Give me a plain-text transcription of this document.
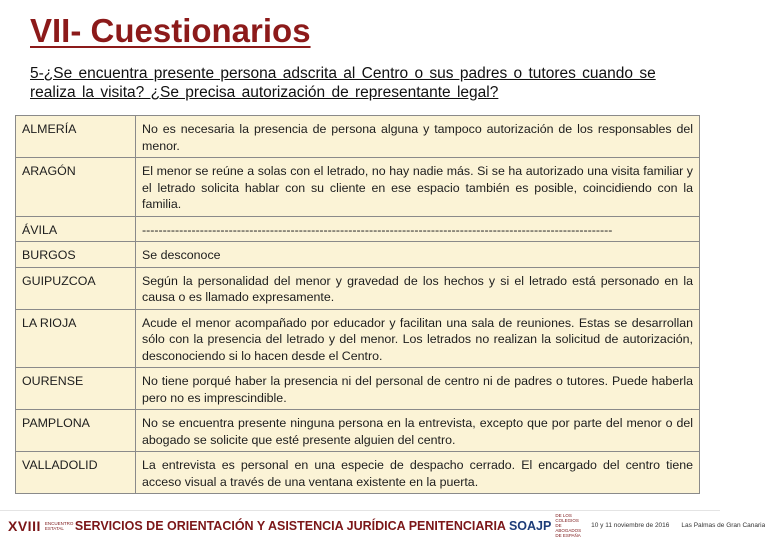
VII- Cuestionarios
5-¿Se encuentra presente persona adscrita al Centro o sus padres o tutores cuando se realiza la visita? ¿Se precisa autorización de representante legal?
ALMERÍA	No es necesaria la presencia de persona alguna y tampoco autorización de los responsables del menor.
ARAGÓN	El menor se reúne a solas con el letrado, no hay nadie más. Si se ha autorizado una visita familiar y el letrado solicita hablar con su cliente en ese espacio también es posible, coincidiendo con la familia.
ÁVILA	------------------------------------------------------------------------------------------------------------------
BURGOS	Se desconoce
GUIPUZCOA	Según la personalidad del menor y gravedad de los hechos y si el letrado está personado en la causa o es llamado expresamente.
LA RIOJA	Acude el menor acompañado por educador y facilitan una sala de reuniones. Estas se desarrollan sólo con la presencia del letrado y del menor. Los letrados no realizan la solicitud de autorización, desconociendo si lo hacen desde el Centro.
OURENSE	No tiene porqué haber la presencia ni del personal de centro ni de padres o tutores. Puede haberla pero no es imprescindible.
PAMPLONA	No se encuentra presente ninguna persona en la entrevista, excepto que por parte del menor o del abogado se solicite que esté presente alguien del centro.
VALLADOLID	La entrevista es personal en una especie de despacho cerrado. El encargado del centro tiene acceso visual a través de una ventana existente en la puerta.
XVIII ENCUENTRO ESTATAL SERVICIOS DE ORIENTACIÓN Y ASISTENCIA JURÍDICA PENITENCIARIA SOAJP
DE LOS COLEGIOS DE ABOGADOS DE ESPAÑA
10 y 11 noviembre de 2016 Las Palmas de Gran Canaria
